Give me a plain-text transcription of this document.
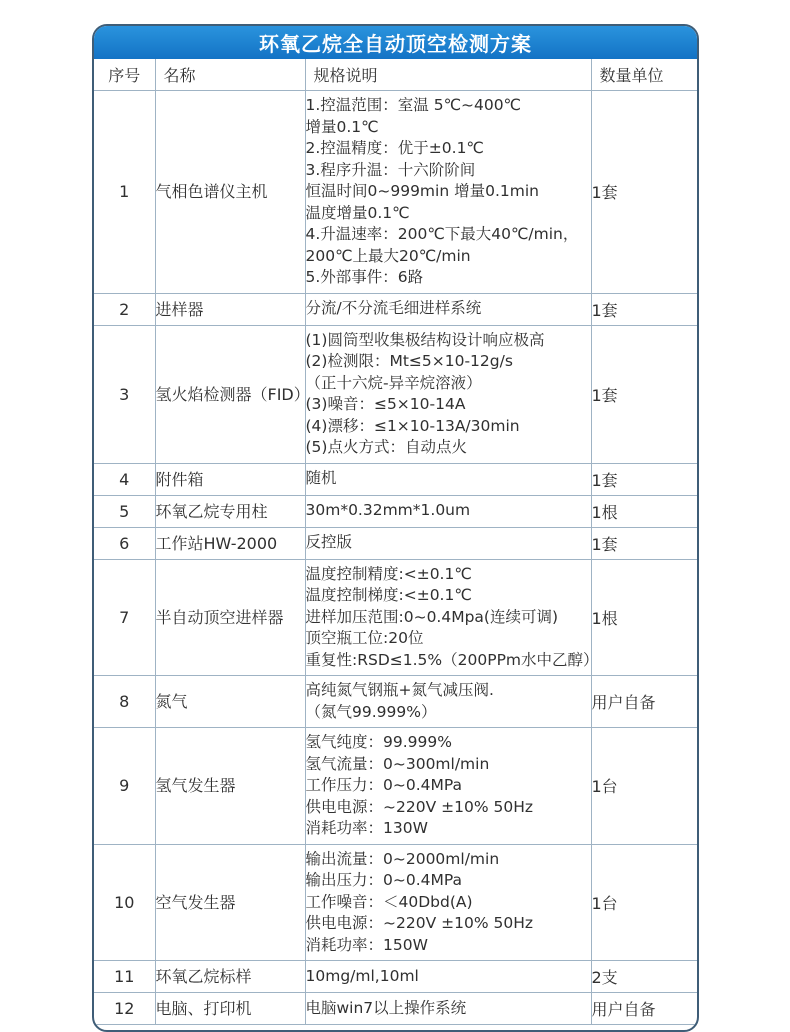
环氧乙烷全自动顶空检测方案
序号	名称	规格说明	数量单位
1	气相色谱仪主机	
1.控温范围：室温 5℃~400℃
增量0.1℃
2.控温精度：优于±0.1℃
3.程序升温：十六阶阶间
恒温时间0~999min 增量0.1min
温度增量0.1℃
4.升温速率：200℃下最大40℃/min，
200℃上最大20℃/min
5.外部事件：6路
	1套
2	进样器	分流/不分流毛细进样系统	1套
3	氢火焰检测器（FID）	
(1)圆筒型收集极结构设计响应极高
(2)检测限：Mt≤5×10-12g/s
（正十六烷-异辛烷溶液）
(3)噪音：≤5×10-14A
(4)漂移：≤1×10-13A/30min
(5)点火方式：自动点火
	1套
4	附件箱	随机	1套
5	环氧乙烷专用柱	30m*0.32mm*1.0um	1根
6	工作站HW-2000	反控版	1套
7	半自动顶空进样器	温度控制精度:<±0.1℃
温度控制梯度:<±0.1℃
进样加压范围:0~0.4Mpa(连续可调)
顶空瓶工位:20位
重复性:RSD≤1.5%（200PPm水中乙醇）	1根
8	氮气	高纯氮气钢瓶+氮气减压阀.
（氮气99.999%）	用户自备
9	氢气发生器	氢气纯度：99.999%
氢气流量：0~300ml/min
工作压力：0~0.4MPa
供电电源：~220V ±10% 50Hz
消耗功率：130W	1台
10	空气发生器	输出流量：0~2000ml/min
输出压力：0~0.4MPa
工作噪音：＜40Dbd(A)
供电电源：~220V ±10% 50Hz
消耗功率：150W	1台
11	环氧乙烷标样	10mg/ml,10ml	2支
12	电脑、打印机	电脑win7以上操作系统	用户自备
